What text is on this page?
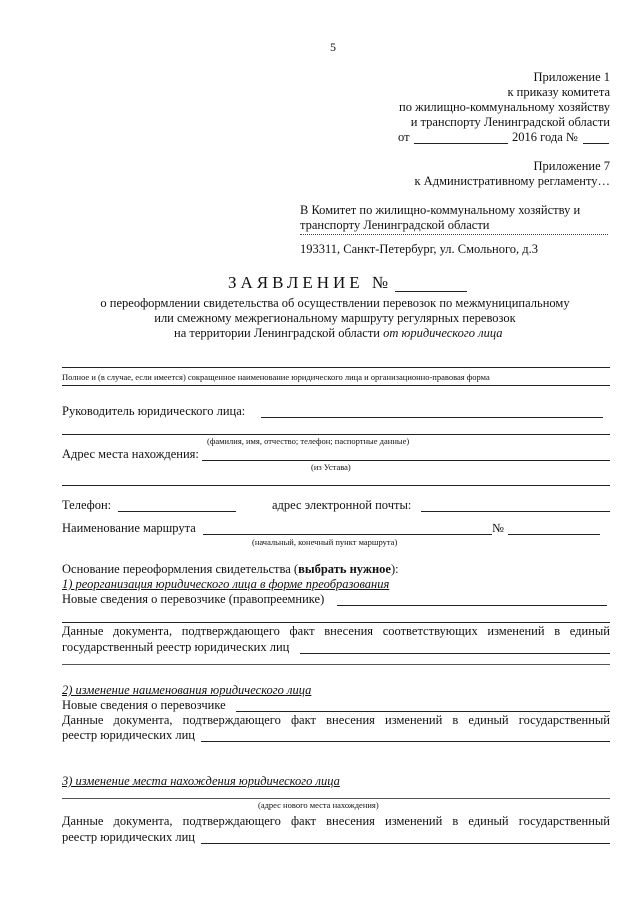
5
Приложение 1
к приказу комитета
по жилищно-коммунальному хозяйству
и транспорту Ленинградской области
от	2016 года №
Приложение 7
к Административному регламенту…
В Комитет по жилищно-коммунальному хозяйству и
транспорту Ленинградской области
193311, Санкт-Петербург, ул. Смольного, д.3
ЗАЯВЛЕНИЕ №
о переоформлении свидетельства об осуществлении перевозок по межмуниципальному
или смежному межрегиональному маршруту регулярных перевозок
на территории Ленинградской области от юридического лица
Полное и (в случае, если имеется) сокращенное наименование юридического лица и организационно-правовая форма
Руководитель юридического лица:
(фамилия, имя, отчество; телефон; паспортные данные)
Адрес места нахождения:
(из Устава)
Телефон:	адрес электронной почты:
Наименование маршрута	№
(начальный, конечный пункт маршрута)
Основание переоформления свидетельства (выбрать нужное):
1) реорганизация юридического лица в форме преобразования
Новые сведения о перевозчике (правопреемнике)
Данные документа, подтверждающего факт внесения соответствующих изменений в единый
государственный реестр юридических лиц
2) изменение наименования юридического лица
Новые сведения о перевозчике
Данные документа, подтверждающего факт внесения изменений в единый государственный
реестр юридических лиц
3) изменение места нахождения юридического лица
(адрес нового места нахождения)
Данные документа, подтверждающего факт внесения изменений в единый государственный
реестр юридических лиц
